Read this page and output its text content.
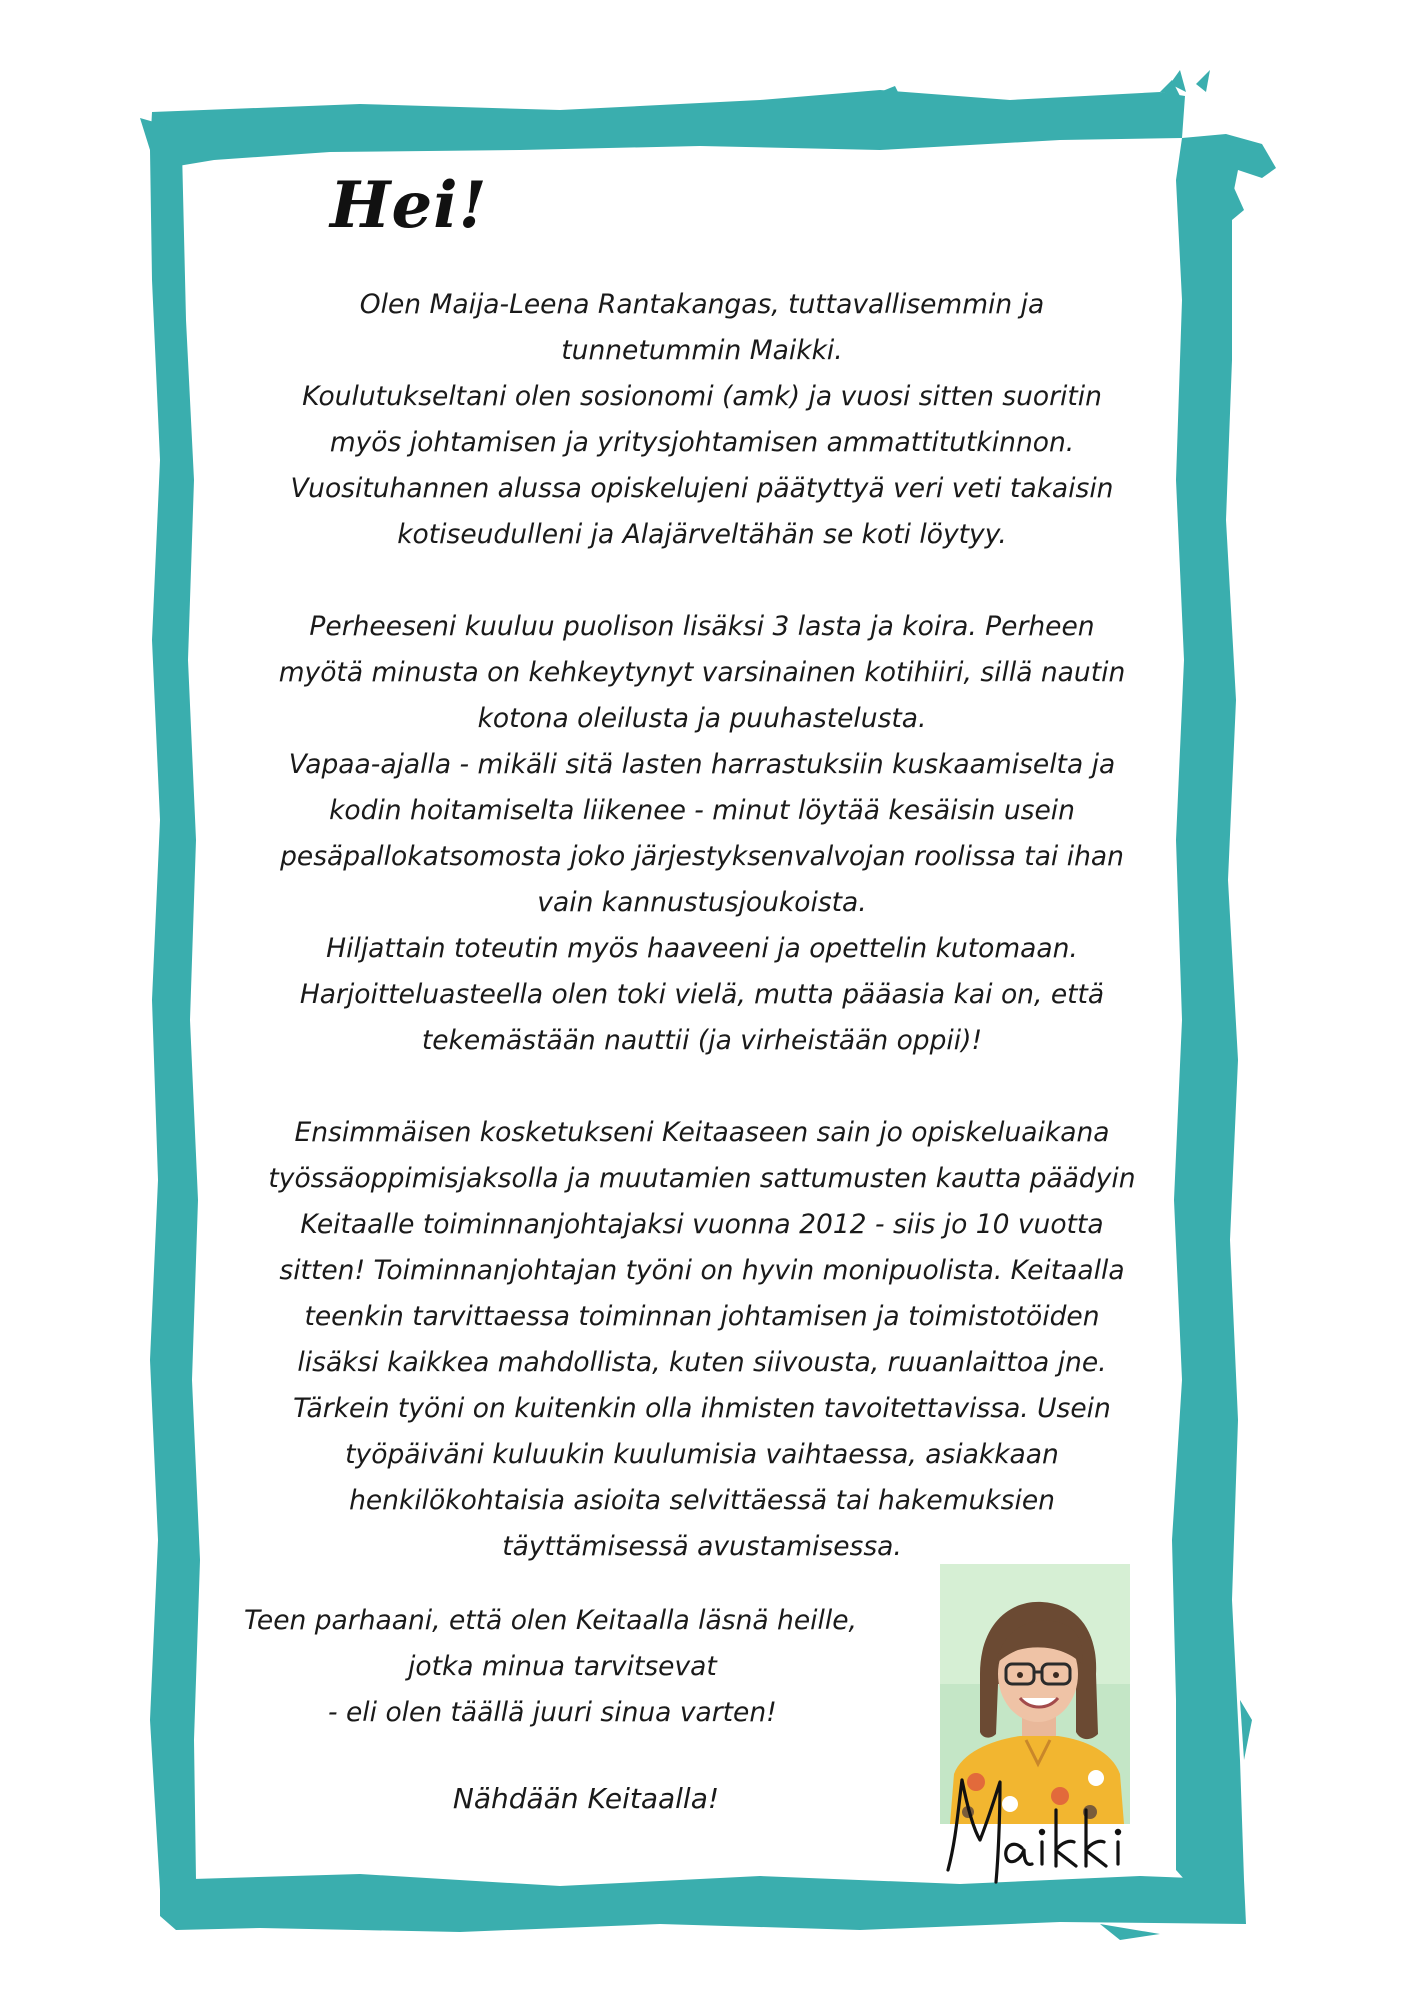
Hei!
Olen Maija-Leena Rantakangas, tuttavallisemmin ja
tunnetummin Maikki.
Koulutukseltani olen sosionomi (amk) ja vuosi sitten suoritin
myös johtamisen ja yritysjohtamisen ammattitutkinnon.
Vuosituhannen alussa opiskelujeni päätyttyä veri veti takaisin
kotiseudulleni ja Alajärveltähän se koti löytyy.
Perheeseni kuuluu puolison lisäksi 3 lasta ja koira. Perheen
myötä minusta on kehkeytynyt varsinainen kotihiiri, sillä nautin
kotona oleilusta ja puuhastelusta.
Vapaa-ajalla - mikäli sitä lasten harrastuksiin kuskaamiselta ja
kodin hoitamiselta liikenee - minut löytää kesäisin usein
pesäpallokatsomosta joko järjestyksenvalvojan roolissa tai ihan
vain kannustusjoukoista.
Hiljattain toteutin myös haaveeni ja opettelin kutomaan.
Harjoitteluasteella olen toki vielä, mutta pääasia kai on, että
tekemästään nauttii (ja virheistään oppii)!
Ensimmäisen kosketukseni Keitaaseen sain jo opiskeluaikana
työssäoppimisjaksolla ja muutamien sattumusten kautta päädyin
Keitaalle toiminnanjohtajaksi vuonna 2012 - siis jo 10 vuotta
sitten! Toiminnanjohtajan työni on hyvin monipuolista. Keitaalla
teenkin tarvittaessa toiminnan johtamisen ja toimistotöiden
lisäksi kaikkea mahdollista, kuten siivousta, ruuanlaittoa jne.
Tärkein työni on kuitenkin olla ihmisten tavoitettavissa. Usein
työpäiväni kuluukin kuulumisia vaihtaessa, asiakkaan
henkilökohtaisia asioita selvittäessä tai hakemuksien
täyttämisessä avustamisessa.
Teen parhaani, että olen Keitaalla läsnä heille,
jotka minua tarvitsevat
- eli olen täällä juuri sinua varten!
Nähdään Keitaalla!
